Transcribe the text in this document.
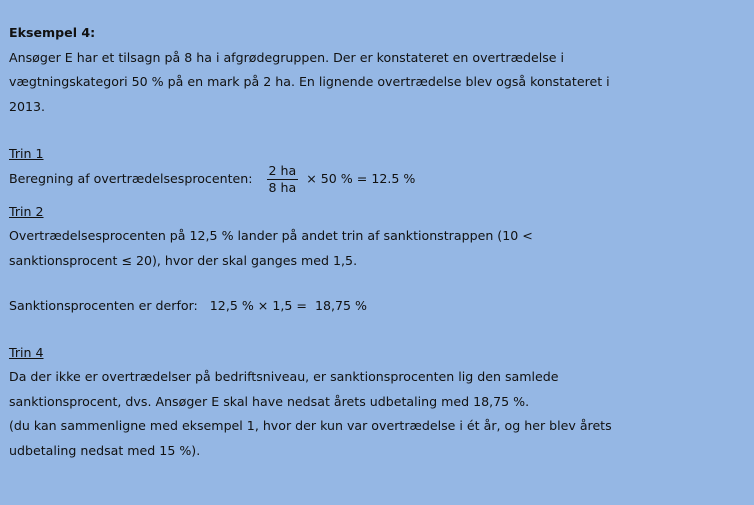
Eksempel 4:
Ansøger E har et tilsagn på 8 ha i afgrødegruppen. Der er konstateret en overtrædelse i
vægtningskategori 50 % på en mark på 2 ha. En lignende overtrædelse blev også konstateret i
2013.
Trin 1
Beregning af overtrædelsesprocenten: $\frac{2 ha}{8 ha} \times 50$ % = 12.5 %
Trin 2
Overtrædelsesprocenten på 12,5 % lander på andet trin af sanktionstrappen (10 <
sanktionsprocent ≤ 20), hvor der skal ganges med 1,5.
Sanktionsprocenten er derfor:   12,5 % × 1,5 =  18,75 %
Trin 4
Da der ikke er overtrædelser på bedriftsniveau, er sanktionsprocenten lig den samlede
sanktionsprocent, dvs. Ansøger E skal have nedsat årets udbetaling med 18,75 %.
(du kan sammenligne med eksempel 1, hvor der kun var overtrædelse i ét år, og her blev årets
udbetaling nedsat med 15 %).
